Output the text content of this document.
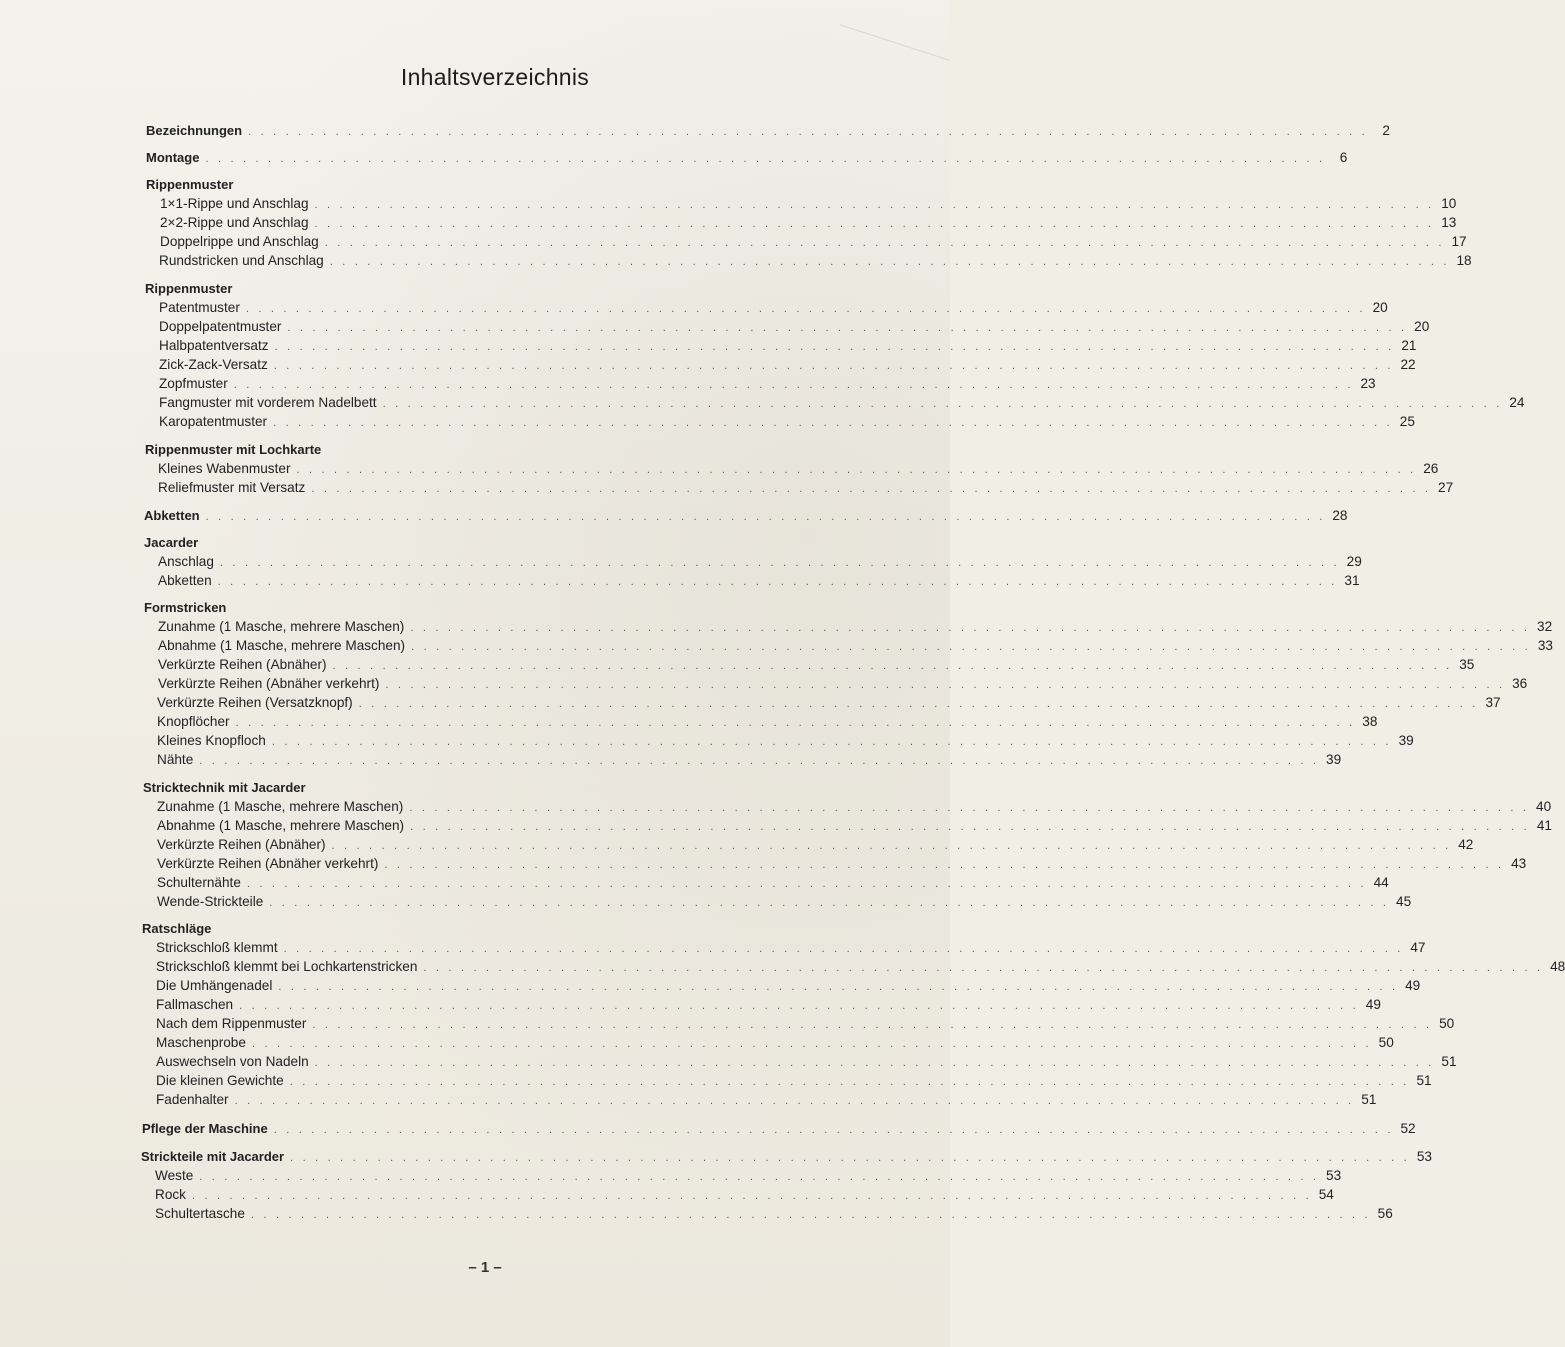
Inhaltsverzeichnis
Bezeichnungen . . . . . . . . . . . . . . . . . . . . . . . . . . . . . . . . . . . . . . . . . . . . . . . . . . . . . . . . . . . . . . . . . . . . . . . . . . . . . . . . . . . . . . . . . .	2
Montage . . . . . . . . . . . . . . . . . . . . . . . . . . . . . . . . . . . . . . . . . . . . . . . . . . . . . . . . . . . . . . . . . . . . . . . . . . . . . . . . . . . . . . . . . .	6
Rippenmuster
1×1-Rippe und Anschlag . . . . . . . . . . . . . . . . . . . . . . . . . . . . . . . . . . . . . . . . . . . . . . . . . . . . . . . . . . . . . . . . . . . . . . . . . . . . . . . . . . . . . . . . . . 10
2×2-Rippe und Anschlag . . . . . . . . . . . . . . . . . . . . . . . . . . . . . . . . . . . . . . . . . . . . . . . . . . . . . . . . . . . . . . . . . . . . . . . . . . . . . . . . . . . . . . . . . . 13
Doppelrippe und Anschlag . . . . . . . . . . . . . . . . . . . . . . . . . . . . . . . . . . . . . . . . . . . . . . . . . . . . . . . . . . . . . . . . . . . . . . . . . . . . . . . . . . . . . . . . . . 17
Rundstricken und Anschlag . . . . . . . . . . . . . . . . . . . . . . . . . . . . . . . . . . . . . . . . . . . . . . . . . . . . . . . . . . . . . . . . . . . . . . . . . . . . . . . . . . . . . . . . . . 18
Rippenmuster
Patentmuster . . . . . . . . . . . . . . . . . . . . . . . . . . . . . . . . . . . . . . . . . . . . . . . . . . . . . . . . . . . . . . . . . . . . . . . . . . . . . . . . . . . . . . . . . . 20
Doppelpatentmuster . . . . . . . . . . . . . . . . . . . . . . . . . . . . . . . . . . . . . . . . . . . . . . . . . . . . . . . . . . . . . . . . . . . . . . . . . . . . . . . . . . . . . . . . . . 20
Halbpatentversatz . . . . . . . . . . . . . . . . . . . . . . . . . . . . . . . . . . . . . . . . . . . . . . . . . . . . . . . . . . . . . . . . . . . . . . . . . . . . . . . . . . . . . . . . . . 21
Zick-Zack-Versatz . . . . . . . . . . . . . . . . . . . . . . . . . . . . . . . . . . . . . . . . . . . . . . . . . . . . . . . . . . . . . . . . . . . . . . . . . . . . . . . . . . . . . . . . . . 22
Zopfmuster . . . . . . . . . . . . . . . . . . . . . . . . . . . . . . . . . . . . . . . . . . . . . . . . . . . . . . . . . . . . . . . . . . . . . . . . . . . . . . . . . . . . . . . . . . 23
Fangmuster mit vorderem Nadelbett . . . . . . . . . . . . . . . . . . . . . . . . . . . . . . . . . . . . . . . . . . . . . . . . . . . . . . . . . . . . . . . . . . . . . . . . . . . . . . . . . . . . . . . . . . 24
Karopatentmuster . . . . . . . . . . . . . . . . . . . . . . . . . . . . . . . . . . . . . . . . . . . . . . . . . . . . . . . . . . . . . . . . . . . . . . . . . . . . . . . . . . . . . . . . . . 25
Rippenmuster mit Lochkarte
Kleines Wabenmuster . . . . . . . . . . . . . . . . . . . . . . . . . . . . . . . . . . . . . . . . . . . . . . . . . . . . . . . . . . . . . . . . . . . . . . . . . . . . . . . . . . . . . . . . . . 26
Reliefmuster mit Versatz . . . . . . . . . . . . . . . . . . . . . . . . . . . . . . . . . . . . . . . . . . . . . . . . . . . . . . . . . . . . . . . . . . . . . . . . . . . . . . . . . . . . . . . . . . 27
Abketten . . . . . . . . . . . . . . . . . . . . . . . . . . . . . . . . . . . . . . . . . . . . . . . . . . . . . . . . . . . . . . . . . . . . . . . . . . . . . . . . . . . . . . . . . . 28
Jacarder
Anschlag . . . . . . . . . . . . . . . . . . . . . . . . . . . . . . . . . . . . . . . . . . . . . . . . . . . . . . . . . . . . . . . . . . . . . . . . . . . . . . . . . . . . . . . . . . 29
Abketten . . . . . . . . . . . . . . . . . . . . . . . . . . . . . . . . . . . . . . . . . . . . . . . . . . . . . . . . . . . . . . . . . . . . . . . . . . . . . . . . . . . . . . . . . . 31
Formstricken
Zunahme (1 Masche, mehrere Maschen) . . . . . . . . . . . . . . . . . . . . . . . . . . . . . . . . . . . . . . . . . . . . . . . . . . . . . . . . . . . . . . . . . . . . . . . . . . . . . . . . . . . . . . . . . . 32
Abnahme (1 Masche, mehrere Maschen) . . . . . . . . . . . . . . . . . . . . . . . . . . . . . . . . . . . . . . . . . . . . . . . . . . . . . . . . . . . . . . . . . . . . . . . . . . . . . . . . . . . . . . . . . . 33
Verkürzte Reihen (Abnäher) . . . . . . . . . . . . . . . . . . . . . . . . . . . . . . . . . . . . . . . . . . . . . . . . . . . . . . . . . . . . . . . . . . . . . . . . . . . . . . . . . . . . . . . . . . 35
Verkürzte Reihen (Abnäher verkehrt) . . . . . . . . . . . . . . . . . . . . . . . . . . . . . . . . . . . . . . . . . . . . . . . . . . . . . . . . . . . . . . . . . . . . . . . . . . . . . . . . . . . . . . . . . . 36
Verkürzte Reihen (Versatzknopf) . . . . . . . . . . . . . . . . . . . . . . . . . . . . . . . . . . . . . . . . . . . . . . . . . . . . . . . . . . . . . . . . . . . . . . . . . . . . . . . . . . . . . . . . . . 37
Knopflöcher . . . . . . . . . . . . . . . . . . . . . . . . . . . . . . . . . . . . . . . . . . . . . . . . . . . . . . . . . . . . . . . . . . . . . . . . . . . . . . . . . . . . . . . . . . 38
Kleines Knopfloch . . . . . . . . . . . . . . . . . . . . . . . . . . . . . . . . . . . . . . . . . . . . . . . . . . . . . . . . . . . . . . . . . . . . . . . . . . . . . . . . . . . . . . . . . . 39
Nähte . . . . . . . . . . . . . . . . . . . . . . . . . . . . . . . . . . . . . . . . . . . . . . . . . . . . . . . . . . . . . . . . . . . . . . . . . . . . . . . . . . . . . . . . . . 39
Stricktechnik mit Jacarder
Zunahme (1 Masche, mehrere Maschen) . . . . . . . . . . . . . . . . . . . . . . . . . . . . . . . . . . . . . . . . . . . . . . . . . . . . . . . . . . . . . . . . . . . . . . . . . . . . . . . . . . . . . . . . . . 40
Abnahme (1 Masche, mehrere Maschen) . . . . . . . . . . . . . . . . . . . . . . . . . . . . . . . . . . . . . . . . . . . . . . . . . . . . . . . . . . . . . . . . . . . . . . . . . . . . . . . . . . . . . . . . . . 41
Verkürzte Reihen (Abnäher) . . . . . . . . . . . . . . . . . . . . . . . . . . . . . . . . . . . . . . . . . . . . . . . . . . . . . . . . . . . . . . . . . . . . . . . . . . . . . . . . . . . . . . . . . . 42
Verkürzte Reihen (Abnäher verkehrt) . . . . . . . . . . . . . . . . . . . . . . . . . . . . . . . . . . . . . . . . . . . . . . . . . . . . . . . . . . . . . . . . . . . . . . . . . . . . . . . . . . . . . . . . . . 43
Schulternähte . . . . . . . . . . . . . . . . . . . . . . . . . . . . . . . . . . . . . . . . . . . . . . . . . . . . . . . . . . . . . . . . . . . . . . . . . . . . . . . . . . . . . . . . . . 44
Wende-Strickteile . . . . . . . . . . . . . . . . . . . . . . . . . . . . . . . . . . . . . . . . . . . . . . . . . . . . . . . . . . . . . . . . . . . . . . . . . . . . . . . . . . . . . . . . . . 45
Ratschläge
Strickschloß klemmt . . . . . . . . . . . . . . . . . . . . . . . . . . . . . . . . . . . . . . . . . . . . . . . . . . . . . . . . . . . . . . . . . . . . . . . . . . . . . . . . . . . . . . . . . . 47
Strickschloß klemmt bei Lochkartenstricken . . . . . . . . . . . . . . . . . . . . . . . . . . . . . . . . . . . . . . . . . . . . . . . . . . . . . . . . . . . . . . . . . . . . . . . . . . . . . . . . . . . . . . . . . . 48
Die Umhängenadel . . . . . . . . . . . . . . . . . . . . . . . . . . . . . . . . . . . . . . . . . . . . . . . . . . . . . . . . . . . . . . . . . . . . . . . . . . . . . . . . . . . . . . . . . . 49
Fallmaschen . . . . . . . . . . . . . . . . . . . . . . . . . . . . . . . . . . . . . . . . . . . . . . . . . . . . . . . . . . . . . . . . . . . . . . . . . . . . . . . . . . . . . . . . . . 49
Nach dem Rippenmuster . . . . . . . . . . . . . . . . . . . . . . . . . . . . . . . . . . . . . . . . . . . . . . . . . . . . . . . . . . . . . . . . . . . . . . . . . . . . . . . . . . . . . . . . . . 50
Maschenprobe . . . . . . . . . . . . . . . . . . . . . . . . . . . . . . . . . . . . . . . . . . . . . . . . . . . . . . . . . . . . . . . . . . . . . . . . . . . . . . . . . . . . . . . . . . 50
Auswechseln von Nadeln . . . . . . . . . . . . . . . . . . . . . . . . . . . . . . . . . . . . . . . . . . . . . . . . . . . . . . . . . . . . . . . . . . . . . . . . . . . . . . . . . . . . . . . . . . 51
Die kleinen Gewichte . . . . . . . . . . . . . . . . . . . . . . . . . . . . . . . . . . . . . . . . . . . . . . . . . . . . . . . . . . . . . . . . . . . . . . . . . . . . . . . . . . . . . . . . . . 51
Fadenhalter . . . . . . . . . . . . . . . . . . . . . . . . . . . . . . . . . . . . . . . . . . . . . . . . . . . . . . . . . . . . . . . . . . . . . . . . . . . . . . . . . . . . . . . . . . 51
Pflege der Maschine . . . . . . . . . . . . . . . . . . . . . . . . . . . . . . . . . . . . . . . . . . . . . . . . . . . . . . . . . . . . . . . . . . . . . . . . . . . . . . . . . . . . . . . . . . 52
Strickteile mit Jacarder . . . . . . . . . . . . . . . . . . . . . . . . . . . . . . . . . . . . . . . . . . . . . . . . . . . . . . . . . . . . . . . . . . . . . . . . . . . . . . . . . . . . . . . . . . 53
Weste . . . . . . . . . . . . . . . . . . . . . . . . . . . . . . . . . . . . . . . . . . . . . . . . . . . . . . . . . . . . . . . . . . . . . . . . . . . . . . . . . . . . . . . . . . 53
Rock . . . . . . . . . . . . . . . . . . . . . . . . . . . . . . . . . . . . . . . . . . . . . . . . . . . . . . . . . . . . . . . . . . . . . . . . . . . . . . . . . . . . . . . . . . 54
Schultertasche . . . . . . . . . . . . . . . . . . . . . . . . . . . . . . . . . . . . . . . . . . . . . . . . . . . . . . . . . . . . . . . . . . . . . . . . . . . . . . . . . . . . . . . . . . 56
– 1 –
